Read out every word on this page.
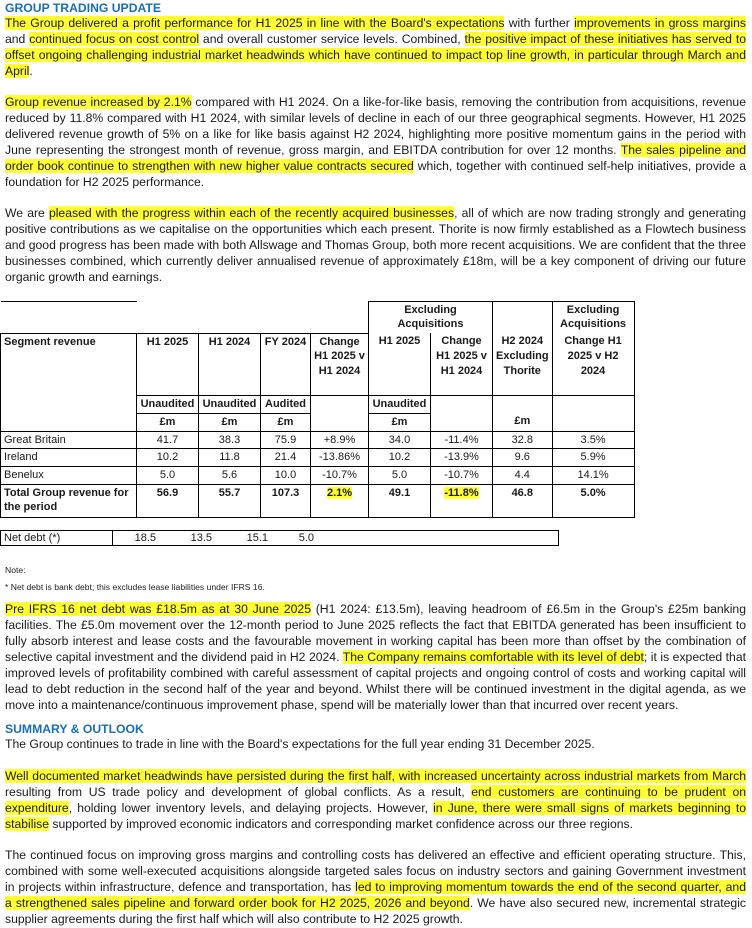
GROUP TRADING UPDATE

The Group delivered a profit performance for H1 2025 in line with the Board's expectations with further improvements in gross margins and continued focus on cost control and overall customer service levels. Combined, the positive impact of these initiatives has served to offset ongoing challenging industrial market headwinds which have continued to impact top line growth, in particular through March and April.

Group revenue increased by 2.1% compared with H1 2024. On a like-for-like basis, removing the contribution from acquisitions, revenue reduced by 11.8% compared with H1 2024, with similar levels of decline in each of our three geographical segments. However, H1 2025 delivered revenue growth of 5% on a like for like basis against H2 2024, highlighting more positive momentum gains in the period with June representing the strongest month of revenue, gross margin, and EBITDA contribution for over 12 months. The sales pipeline and order book continue to strengthen with new higher value contracts secured which, together with continued self-help initiatives, provide a foundation for H2 2025 performance.

We are pleased with the progress within each of the recently acquired businesses, all of which are now trading strongly and generating positive contributions as we capitalise on the opportunities which each present. Thorite is now firmly established as a Flowtech business and good progress has been made with both Allswage and Thomas Group, both more recent acquisitions. We are confident that the three businesses combined, which currently deliver annualised revenue of approximately £18m, will be a key component of driving our future organic growth and earnings.

					Excluding Acquisitions			Excluding Acquisitions
Segment revenue	H1 2025	H1 2024	FY 2024	Change H1 2025 v H1 2024	H1 2025	Change H1 2025 v H1 2024	H2 2024 Excluding Thorite	Change H1 2025 v H2 2024
	Unaudited	Unaudited	Audited		Unaudited			
	£m	£m	£m		£m		£m	
Great Britain	41.7	38.3	75.9	+8.9%	34.0	-11.4%	32.8	3.5%
Ireland	10.2	11.8	21.4	-13.86%	10.2	-13.9%	9.6	5.9%
Benelux	5.0	5.6	10.0	-10.7%	5.0	-10.7%	4.4	14.1%
Total Group revenue for the period	56.9	55.7	107.3	2.1%	49.1	-11.8%	46.8	5.0%
Net debt (*)	18.5	13.5	15.1	5.0	
Note:
* Net debt is bank debt; this excludes lease liabilities under IFRS 16.

Pre IFRS 16 net debt was £18.5m as at 30 June 2025 (H1 2024: £13.5m), leaving headroom of £6.5m in the Group's £25m banking facilities. The £5.0m movement over the 12-month period to June 2025 reflects the fact that EBITDA generated has been insufficient to fully absorb interest and lease costs and the favourable movement in working capital has been more than offset by the combination of selective capital investment and the dividend paid in H2 2024. The Company remains comfortable with its level of debt; it is expected that improved levels of profitability combined with careful assessment of capital projects and ongoing control of costs and working capital will lead to debt reduction in the second half of the year and beyond. Whilst there will be continued investment in the digital agenda, as we move into a maintenance/continuous improvement phase, spend will be materially lower than that incurred over recent years.

SUMMARY & OUTLOOK

The Group continues to trade in line with the Board's expectations for the full year ending 31 December 2025.

Well documented market headwinds have persisted during the first half, with increased uncertainty across industrial markets from March resulting from US trade policy and development of global conflicts. As a result, end customers are continuing to be prudent on expenditure, holding lower inventory levels, and delaying projects. However, in June, there were small signs of markets beginning to stabilise supported by improved economic indicators and corresponding market confidence across our three regions.

The continued focus on improving gross margins and controlling costs has delivered an effective and efficient operating structure. This, combined with some well-executed acquisitions alongside targeted sales focus on industry sectors and gaining Government investment in projects within infrastructure, defence and transportation, has led to improving momentum towards the end of the second quarter, and a strengthened sales pipeline and forward order book for H2 2025, 2026 and beyond. We have also secured new, incremental strategic supplier agreements during the first half which will also contribute to H2 2025 growth.
